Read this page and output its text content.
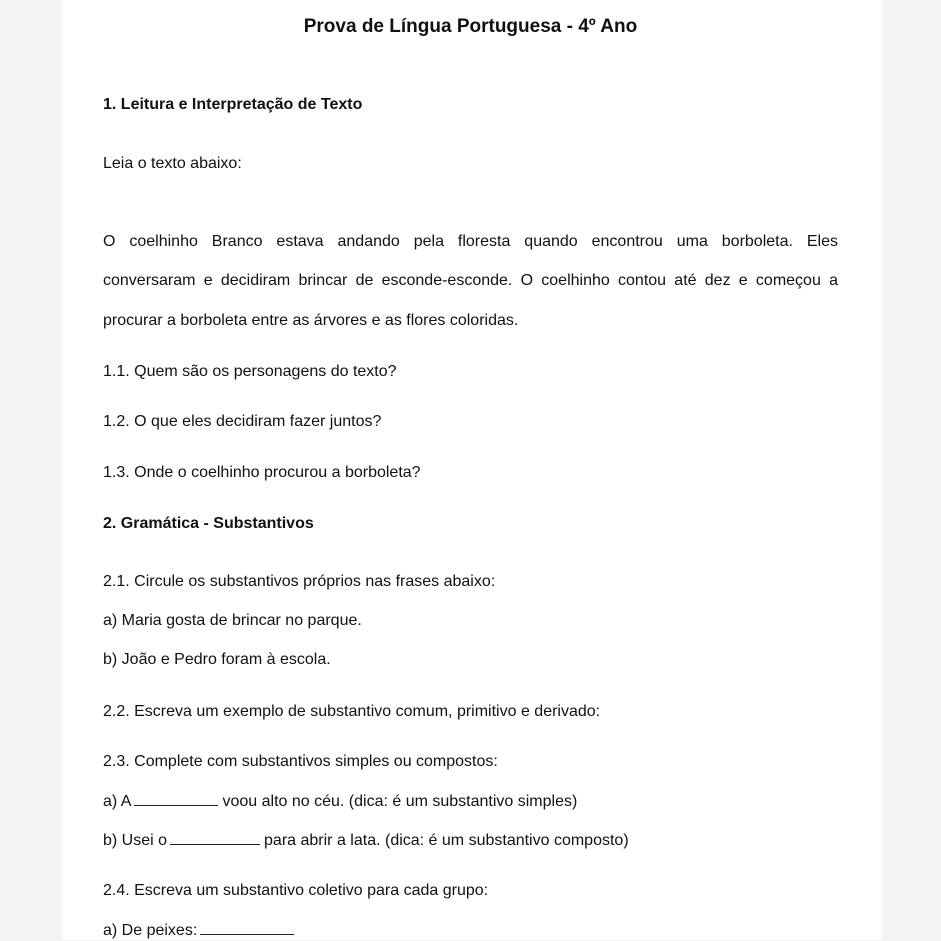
Prova de Língua Portuguesa - 4º Ano
1. Leitura e Interpretação de Texto
Leia o texto abaixo:
O coelhinho Branco estava andando pela floresta quando encontrou uma borboleta. Eles
conversaram e decidiram brincar de esconde-esconde. O coelhinho contou até dez e começou a
procurar a borboleta entre as árvores e as flores coloridas.
1.1. Quem são os personagens do texto?
1.2. O que eles decidiram fazer juntos?
1.3. Onde o coelhinho procurou a borboleta?
2. Gramática - Substantivos
2.1. Circule os substantivos próprios nas frases abaixo:
a) Maria gosta de brincar no parque.
b) João e Pedro foram à escola.
2.2. Escreva um exemplo de substantivo comum, primitivo e derivado:
2.3. Complete com substantivos simples ou compostos:
a) A	voou alto no céu. (dica: é um substantivo simples)
b) Usei o	para abrir a lata. (dica: é um substantivo composto)
2.4. Escreva um substantivo coletivo para cada grupo:
a) De peixes:
